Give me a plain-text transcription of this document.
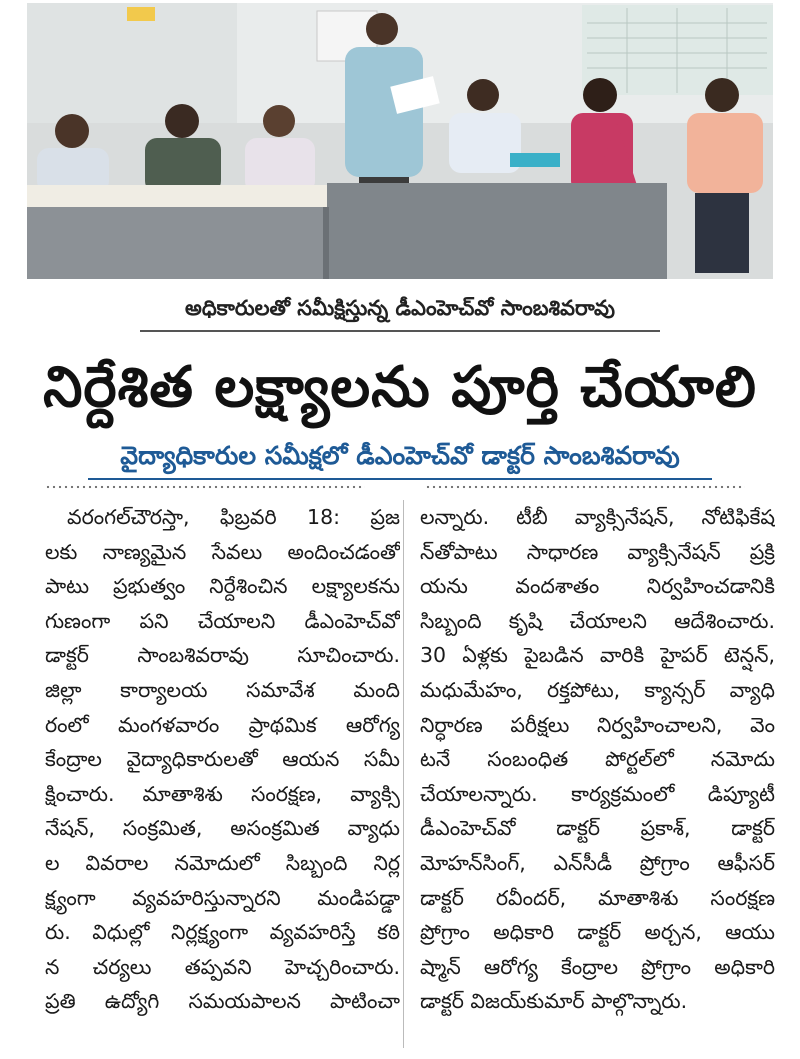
అధికారులతో సమీక్షిస్తున్న డీఎంహెచ్‌వో సాంబశివరావు
నిర్దేశిత లక్ష్యాలను పూర్తి చేయాలి
వైద్యాధికారుల సమీక్షలో డీఎంహెచ్‌వో డాక్టర్ సాంబశివరావు
వరంగల్‌చౌరస్తా, ఫిబ్రవరి 18: ప్రజ
లకు నాణ్యమైన సేవలు అందించడంతో
పాటు ప్రభుత్వం నిర్దేశించిన లక్ష్యాలకను
గుణంగా పని చేయాలని డీఎంహెచ్‌వో
డాక్టర్ సాంబశివరావు సూచించారు.
జిల్లా కార్యాలయ సమావేశ మంది
రంలో మంగళవారం ప్రాథమిక ఆరోగ్య
కేంద్రాల వైద్యాధికారులతో ఆయన సమీ
క్షించారు. మాతాశిశు సంరక్షణ, వ్యాక్సి
నేషన్, సంక్రమిత, అసంక్రమిత వ్యాధు
ల వివరాల నమోదులో సిబ్బంది నిర్ల
క్ష్యంగా వ్యవహరిస్తున్నారని మండిపడ్డా
రు. విధుల్లో నిర్లక్ష్యంగా వ్యవహరిస్తే కఠి
న చర్యలు తప్పవని హెచ్చరించారు.
ప్రతి ఉద్యోగి సమయపాలన పాటించా
లన్నారు. టీబీ వ్యాక్సినేషన్, నోటిఫికేష
న్‌తోపాటు సాధారణ వ్యాక్సినేషన్ ప్రక్రి
యను వందశాతం నిర్వహించడానికి
సిబ్బంది కృషి చేయాలని ఆదేశించారు.
30 ఏళ్లకు పైబడిన వారికి హైపర్ టెన్షన్,
మధుమేహం, రక్తపోటు, క్యాన్సర్ వ్యాధి
నిర్ధారణ పరీక్షలు నిర్వహించాలని, వెం
టనే సంబంధిత పోర్టల్‌లో నమోదు
చేయాలన్నారు. కార్యక్రమంలో డిప్యూటీ
డీఎంహెచ్‌వో డాక్టర్ ప్రకాశ్, డాక్టర్
మోహన్‌సింగ్, ఎన్‌సీడీ ప్రోగ్రాం ఆఫీసర్
డాక్టర్ రవీందర్, మాతాశిశు సంరక్షణ
ప్రోగ్రాం అధికారి డాక్టర్ అర్చన, ఆయు
ష్మాన్ ఆరోగ్య కేంద్రాల ప్రోగ్రాం అధికారి
డాక్టర్ విజయ్‌కుమార్ పాల్గొన్నారు.
